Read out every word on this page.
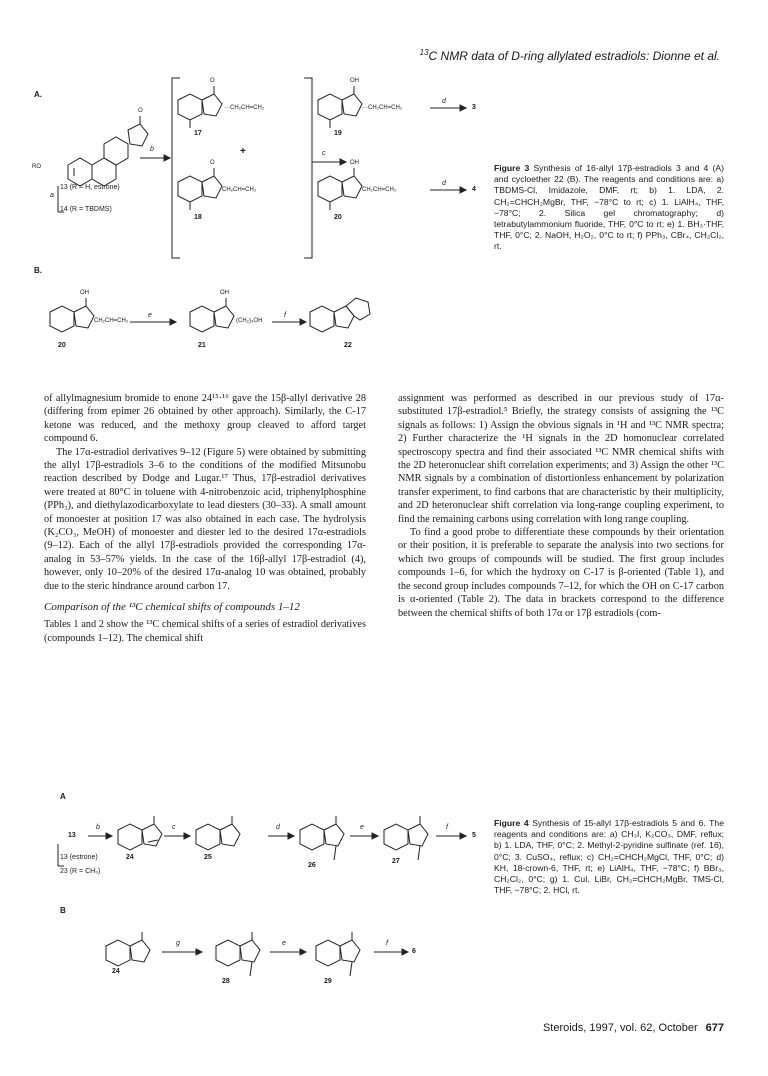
$^{13}$C NMR data of D-ring allylated estradiols: Dionne et al.
A.
B.
RO
O
13 (R = H, estrone)
14 (R = TBDMS)
a
b
O
···CH₂CH=CH₂
17
+
O
CH₂CH=CH₂
18
c
OH
···CH₂CH=CH₂
19
OH
CH₂CH=CH₂
20
d
3
d
4
OH
CH₂CH=CH₂
20
e
OH
(CH₂)₃OH
21
f
22
Figure 3 Synthesis of 16-allyl 17β-estradiols 3 and 4 (A) and cycloether 22 (B). The reagents and conditions are: a) TBDMS-Cl, Imidazole, DMF, rt; b) 1. LDA, 2. CH₂=CHCH₂MgBr, THF, −78°C to rt; c) 1. LiAlH₄, THF, −78°C; 2. Silica gel chromatography; d) tetrabutylammonium fluoride, THF, 0°C to rt; e) 1. BH₃·THF, THF, 0°C; 2. NaOH, H₂O₂, 0°C to rt; f) PPh₃, CBr₄, CH₂Cl₂, rt.

of allylmagnesium bromide to enone 24¹⁵·¹⁶ gave the 15β-allyl derivative 28 (differing from epimer 26 obtained by other approach). Similarly, the C-17 ketone was reduced, and the methoxy group cleaved to afford target compound 6.

The 17α-estradiol derivatives 9–12 (Figure 5) were obtained by submitting the allyl 17β-estradiols 3–6 to the conditions of the modified Mitsunobu reaction described by Dodge and Lugar.¹⁷ Thus, 17β-estradiol derivatives were treated at 80°C in toluene with 4-nitrobenzoic acid, triphenylphosphine (PPh₃), and diethylazodicarboxylate to lead diesters (30–33). A small amount of monoester at position 17 was also obtained in each case. The hydrolysis (K₂CO₃, MeOH) of monoester and diester led to the desired 17α-estradiols (9–12). Each of the allyl 17β-estradiols provided the corresponding 17α-analog in 53–57% yields. In the case of the 16β-allyl 17β-estradiol (4), however, only 10–20% of the desired 17α-analog 10 was obtained, probably due to the steric hindrance around carbon 17.

Comparison of the ¹³C chemical shifts of compounds 1–12

Tables 1 and 2 show the ¹³C chemical shifts of a series of estradiol derivatives (compounds 1–12). The chemical shift

assignment was performed as described in our previous study of 17α-substituted 17β-estradiol.⁵ Briefly, the strategy consists of assigning the ¹³C signals as follows: 1) Assign the obvious signals in ¹H and ¹³C NMR spectra; 2) Further characterize the ¹H signals in the 2D homonuclear correlated spectroscopy spectra and find their associated ¹³C NMR chemical shifts with the 2D heteronuclear shift correlation experiments; and 3) Assign the other ¹³C NMR signals by a combination of distortionless enhancement by polarization transfer experiment, to find carbons that are characteristic by their multiplicity, and 2D heteronuclear shift correlation via long-range coupling experiment, to find the remaining carbons using correlation with long range coupling.

To find a good probe to differentiate these compounds by their orientation or their position, it is preferable to separate the analysis into two sections for which two groups of compounds will be studied. The first group includes compounds 1–6, for which the hydroxy on C-17 is β-oriented (Table 1), and the second group includes compounds 7–12, for which the OH on C-17 carbon is α-oriented (Table 2). The data in brackets correspond to the difference between the chemical shifts of both 17α or 17β estradiols (com-

A
B
13
13 (estrone)
23 (R = CH₃)
b
24
c
25
d
26
e
27
f
5
24
g
28
e
29
f
6
Figure 4 Synthesis of 15-allyl 17β-estradiols 5 and 6. The reagents and conditions are: a) CH₃I, K₂CO₃, DMF, reflux; b) 1. LDA, THF, 0°C; 2. Methyl-2-pyridine sulfinate (ref. 16), 0°C; 3. CuSO₄, reflux; c) CH₂=CHCH₂MgCl, THF, 0°C; d) KH, 18-crown-6, THF, rt; e) LiAlH₄, THF, −78°C; f) BBr₃, CH₂Cl₂, 0°C; g) 1. CuI, LiBr, CH₂=CHCH₂MgBr, TMS-Cl, THF, −78°C; 2. HCl, rt.
Steroids, 1997, vol. 62, October 677
